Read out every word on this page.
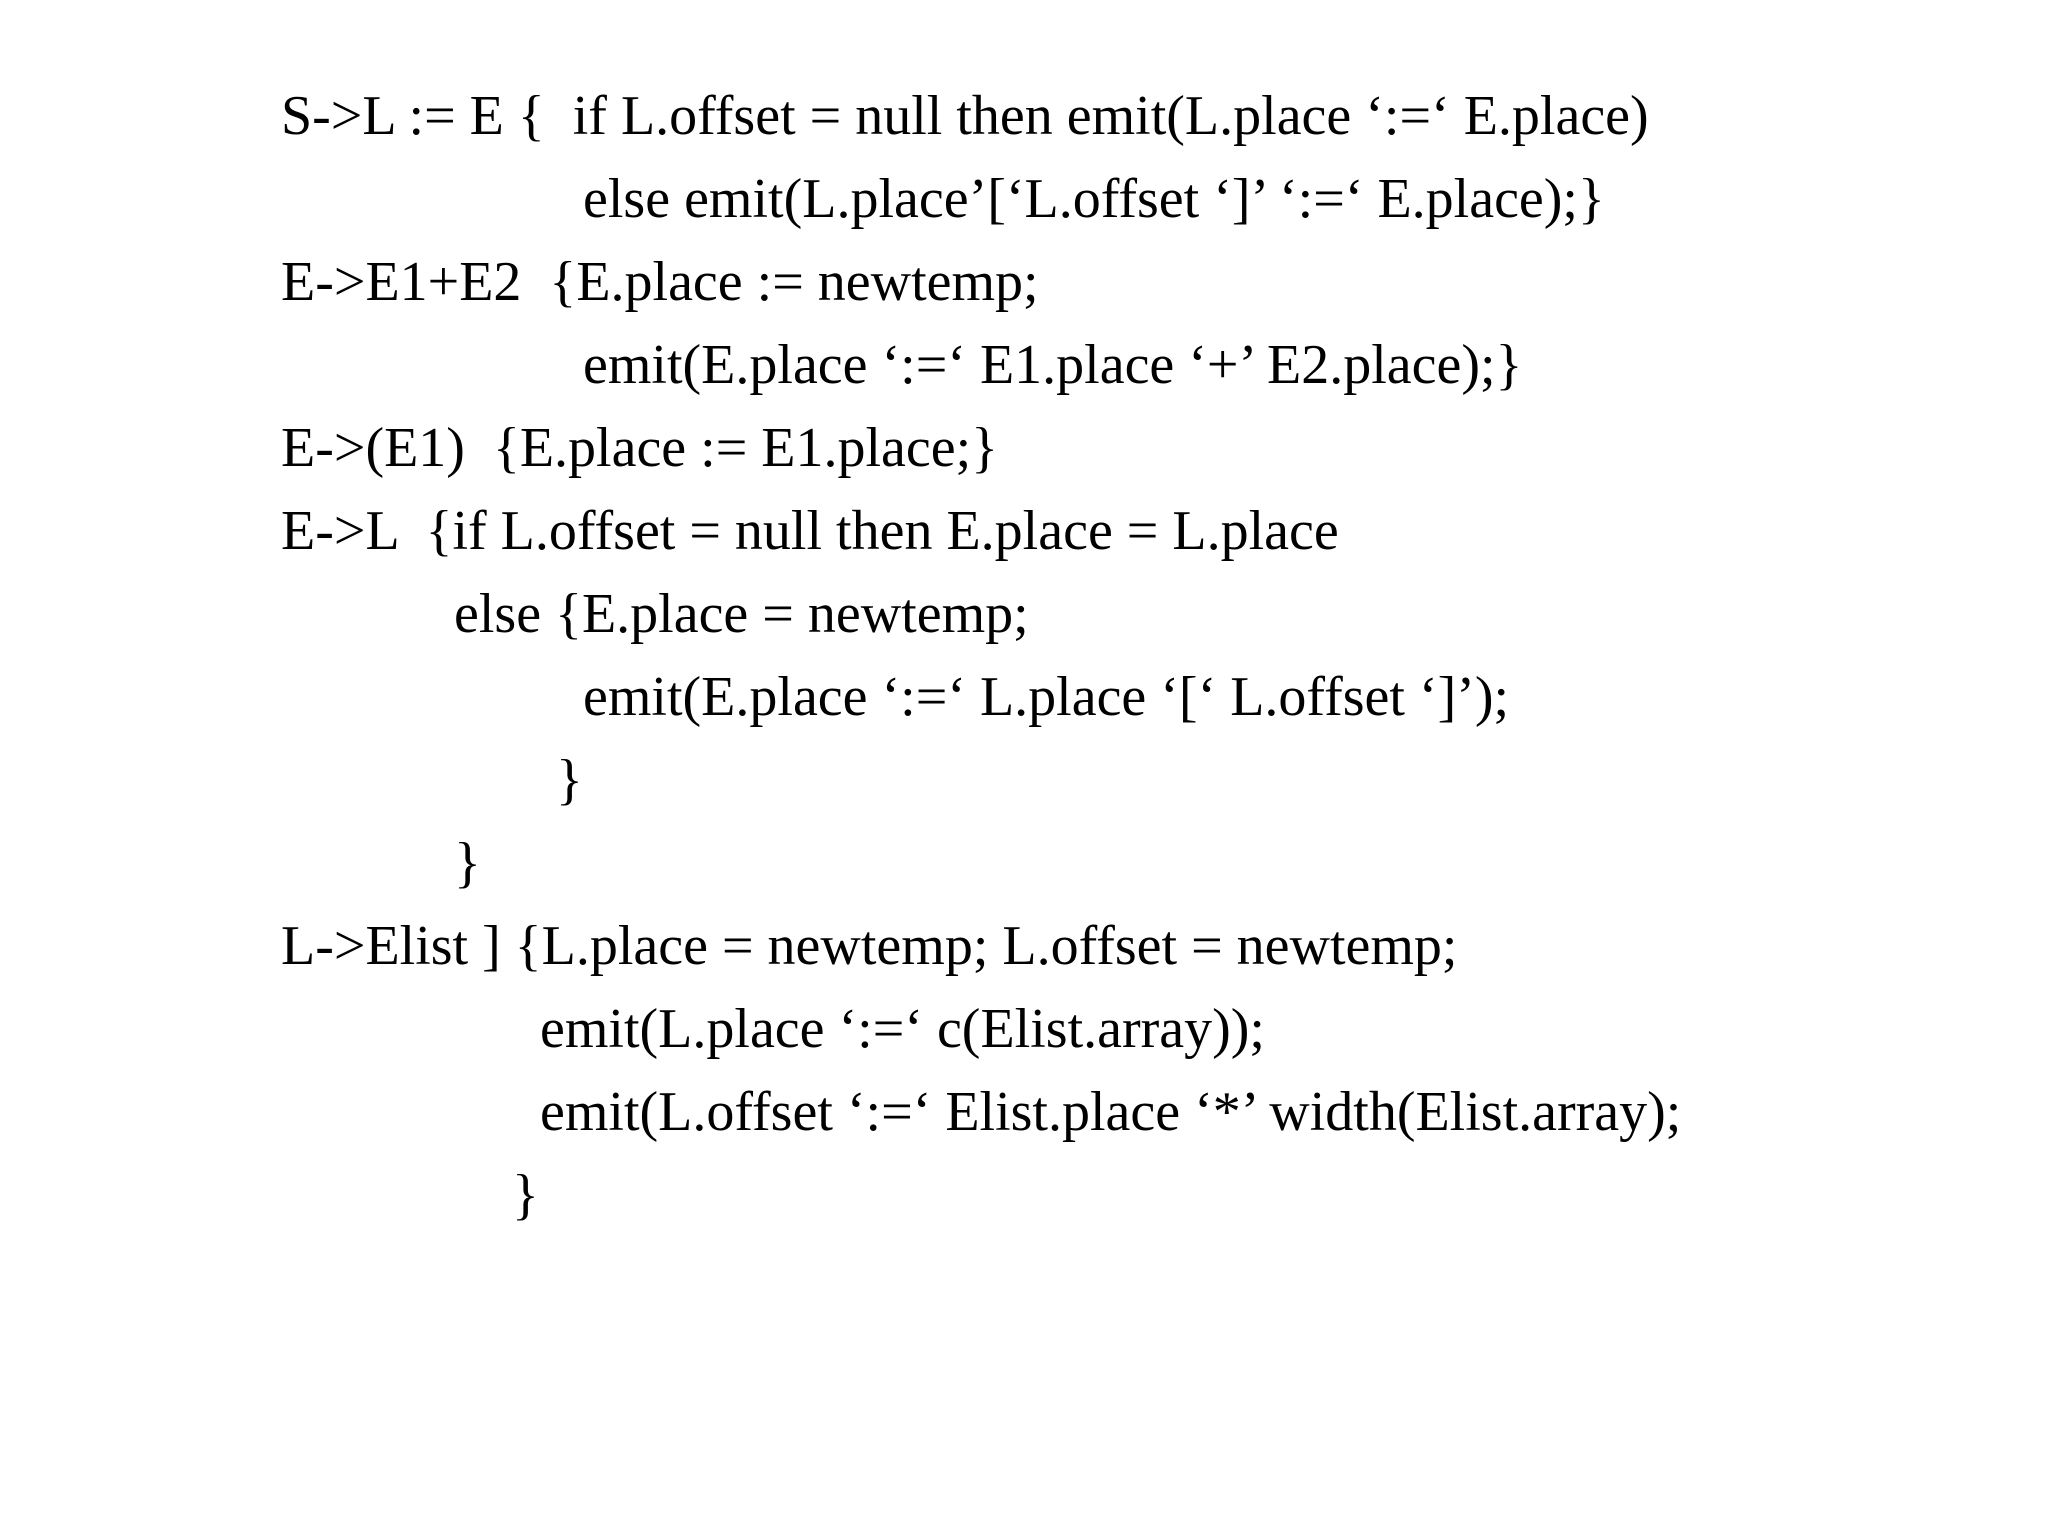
S->L := E {  if L.offset = null then emit(L.place ‘:=‘ E.place)
else emit(L.place’[‘L.offset ‘]’ ‘:=‘ E.place);}
E->E1+E2  {E.place := newtemp;
emit(E.place ‘:=‘ E1.place ‘+’ E2.place);}
E->(E1)  {E.place := E1.place;}
E->L  {if L.offset = null then E.place = L.place
else {E.place = newtemp;
emit(E.place ‘:=‘ L.place ‘[‘ L.offset ‘]’);
}
}
L->Elist ] {L.place = newtemp; L.offset = newtemp;
emit(L.place ‘:=‘ c(Elist.array));
emit(L.offset ‘:=‘ Elist.place ‘*’ width(Elist.array);
}
